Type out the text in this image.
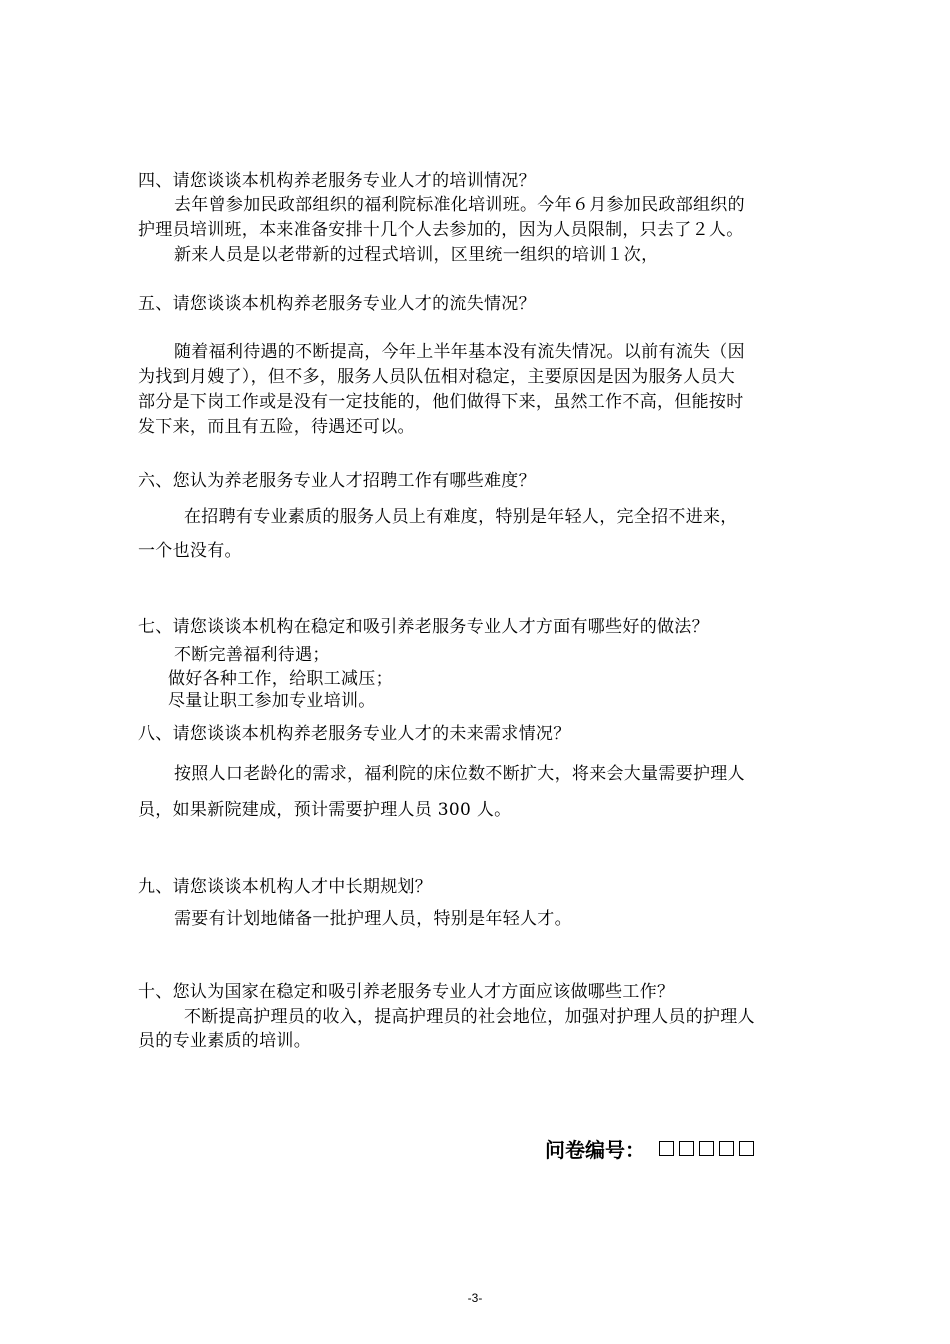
四、请您谈谈本机构养老服务专业人才的培训情况？

去年曾参加民政部组织的福利院标准化培训班。今年６月参加民政部组织的

护理员培训班，本来准备安排十几个人去参加的，因为人员限制，只去了２人。

新来人员是以老带新的过程式培训，区里统一组织的培训１次，

五、请您谈谈本机构养老服务专业人才的流失情况？

随着福利待遇的不断提高，今年上半年基本没有流失情况。以前有流失（因

为找到月嫂了），但不多，服务人员队伍相对稳定，主要原因是因为服务人员大

部分是下岗工作或是没有一定技能的，他们做得下来，虽然工作不高，但能按时

发下来，而且有五险，待遇还可以。

六、您认为养老服务专业人才招聘工作有哪些难度？

在招聘有专业素质的服务人员上有难度，特别是年轻人，完全招不进来，

一个也没有。

七、请您谈谈本机构在稳定和吸引养老服务专业人才方面有哪些好的做法？

不断完善福利待遇；

做好各种工作，给职工减压；

尽量让职工参加专业培训。

八、请您谈谈本机构养老服务专业人才的未来需求情况？

按照人口老龄化的需求，福利院的床位数不断扩大，将来会大量需要护理人

员，如果新院建成，预计需要护理人员 300 人。

九、请您谈谈本机构人才中长期规划？

需要有计划地储备一批护理人员，特别是年轻人才。

十、您认为国家在稳定和吸引养老服务专业人才方面应该做哪些工作？

不断提高护理员的收入，提高护理员的社会地位，加强对护理人员的护理人

员的专业素质的培训。

问卷编号：

-3-
